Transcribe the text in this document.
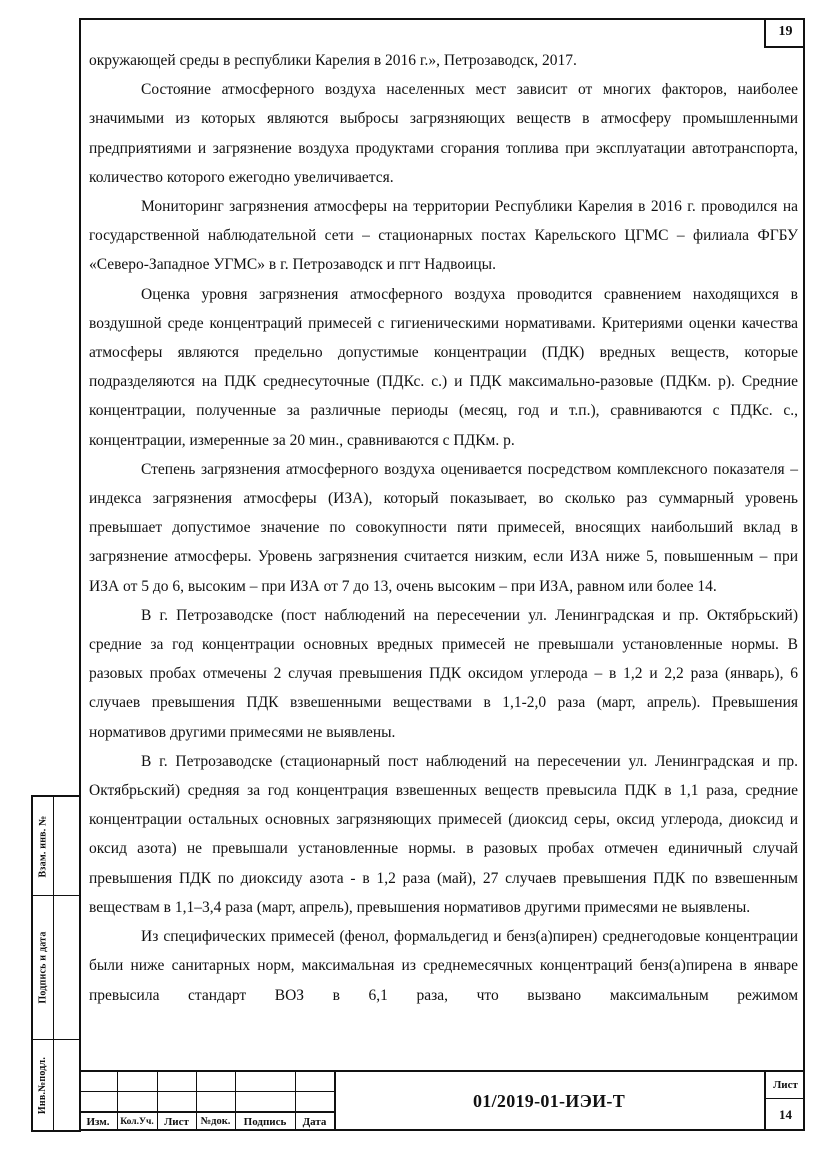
19

окружающей среды в республики Карелия в 2016 г.», Петрозаводск, 2017.

Состояние атмосферного воздуха населенных мест зависит от многих факторов, наиболее значимыми из которых являются выбросы загрязняющих веществ в атмосферу промышленными предприятиями и загрязнение воздуха продуктами сгорания топлива при эксплуатации автотранспорта, количество которого ежегодно увеличивается.

Мониторинг загрязнения атмосферы на территории Республики Карелия в 2016 г. проводился на государственной наблюдательной сети – стационарных постах Карельского ЦГМС – филиала ФГБУ «Северо-Западное УГМС» в г. Петрозаводск и пгт Надвоицы.

Оценка уровня загрязнения атмосферного воздуха проводится сравнением находящихся в воздушной среде концентраций примесей с гигиеническими нормативами. Критериями оценки качества атмосферы являются предельно допустимые концентрации (ПДК) вредных веществ, которые подразделяются на ПДК среднесуточные (ПДКс. с.) и ПДК максимально-разовые (ПДКм. р). Средние концентрации, полученные за различные периоды (месяц, год и т.п.), сравниваются с ПДКс. с., концентрации, измеренные за 20 мин., сравниваются с ПДКм. р.

Степень загрязнения атмосферного воздуха оценивается посредством комплексного показателя – индекса загрязнения атмосферы (ИЗА), который показывает, во сколько раз суммарный уровень превышает допустимое значение по совокупности пяти примесей, вносящих наибольший вклад в загрязнение атмосферы. Уровень загрязнения считается низким, если ИЗА ниже 5, повышенным – при ИЗА от 5 до 6, высоким – при ИЗА от 7 до 13, очень высоким – при ИЗА, равном или более 14.

В г. Петрозаводске (пост наблюдений на пересечении ул. Ленинградская и пр. Октябрьский) средние за год концентрации основных вредных примесей не превышали установленные нормы. В разовых пробах отмечены 2 случая превышения ПДК оксидом углерода – в 1,2 и 2,2 раза (январь), 6 случаев превышения ПДК взвешенными веществами в 1,1-2,0 раза (март, апрель). Превышения нормативов другими примесями не выявлены.

В г. Петрозаводске (стационарный пост наблюдений на пересечении ул. Ленинградская и пр. Октябрьский) средняя за год концентрация взвешенных веществ превысила ПДК в 1,1 раза, средние концентрации остальных основных загрязняющих примесей (диоксид серы, оксид углерода, диоксид и оксид азота) не превышали установленные нормы. в разовых пробах отмечен единичный случай превышения ПДК по диоксиду азота - в 1,2 раза (май), 27 случаев превышения ПДК по взвешенным веществам в 1,1–3,4 раза (март, апрель), превышения нормативов другими примесями не выявлены.

Из специфических примесей (фенол, формальдегид и бенз(а)пирен) среднегодовые концентрации были ниже санитарных норм, максимальная из среднемесячных концентраций бенз(а)пирена в январе превысила стандарт ВОЗ в 6,1 раза, что вызвано максимальным режимом

Взам. инв. №
Подпись и дата
Инв.№подл.
Изм.	Кол.Уч. Лист	№док.	Подпись	Дата
01/2019-01-ИЭИ-Т
Лист
14
